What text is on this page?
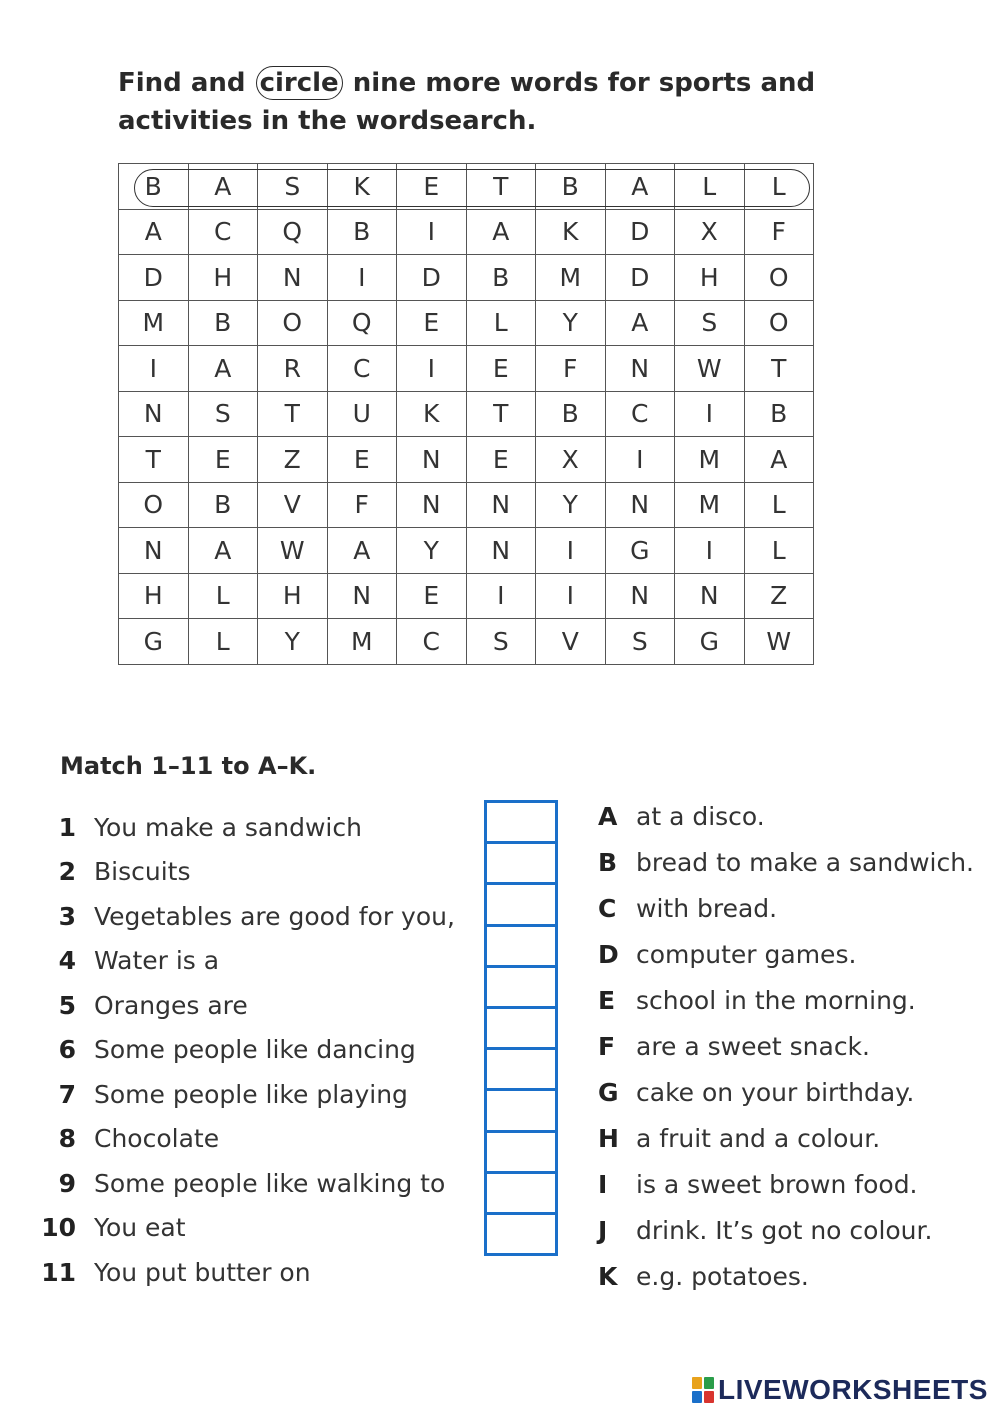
Find and circle nine more words for sports and activities in the wordsearch.
B	A	S	K	E	T	B	A	L	L
A	C	Q	B	I	A	K	D	X	F
D	H	N	I	D	B	M	D	H	O
M	B	O	Q	E	L	Y	A	S	O
I	A	R	C	I	E	F	N	W	T
N	S	T	U	K	T	B	C	I	B
T	E	Z	E	N	E	X	I	M	A
O	B	V	F	N	N	Y	N	M	L
N	A	W	A	Y	N	I	G	I	L
H	L	H	N	E	I	I	N	N	Z
G	L	Y	M	C	S	V	S	G	W
Match 1–11 to A–K.
1 You make a sandwich
2 Biscuits
3 Vegetables are good for you,
4 Water is a
5 Oranges are
6 Some people like dancing
7 Some people like playing
8 Chocolate
9 Some people like walking to
10 You eat
11 You put butter on
A at a disco.
B bread to make a sandwich.
C with bread.
D computer games.
E school in the morning.
F are a sweet snack.
G cake on your birthday.
H a fruit and a colour.
I	is a sweet brown food.
J	drink. It’s got no colour.
K e.g. potatoes.
LIVEWORKSHEETS
